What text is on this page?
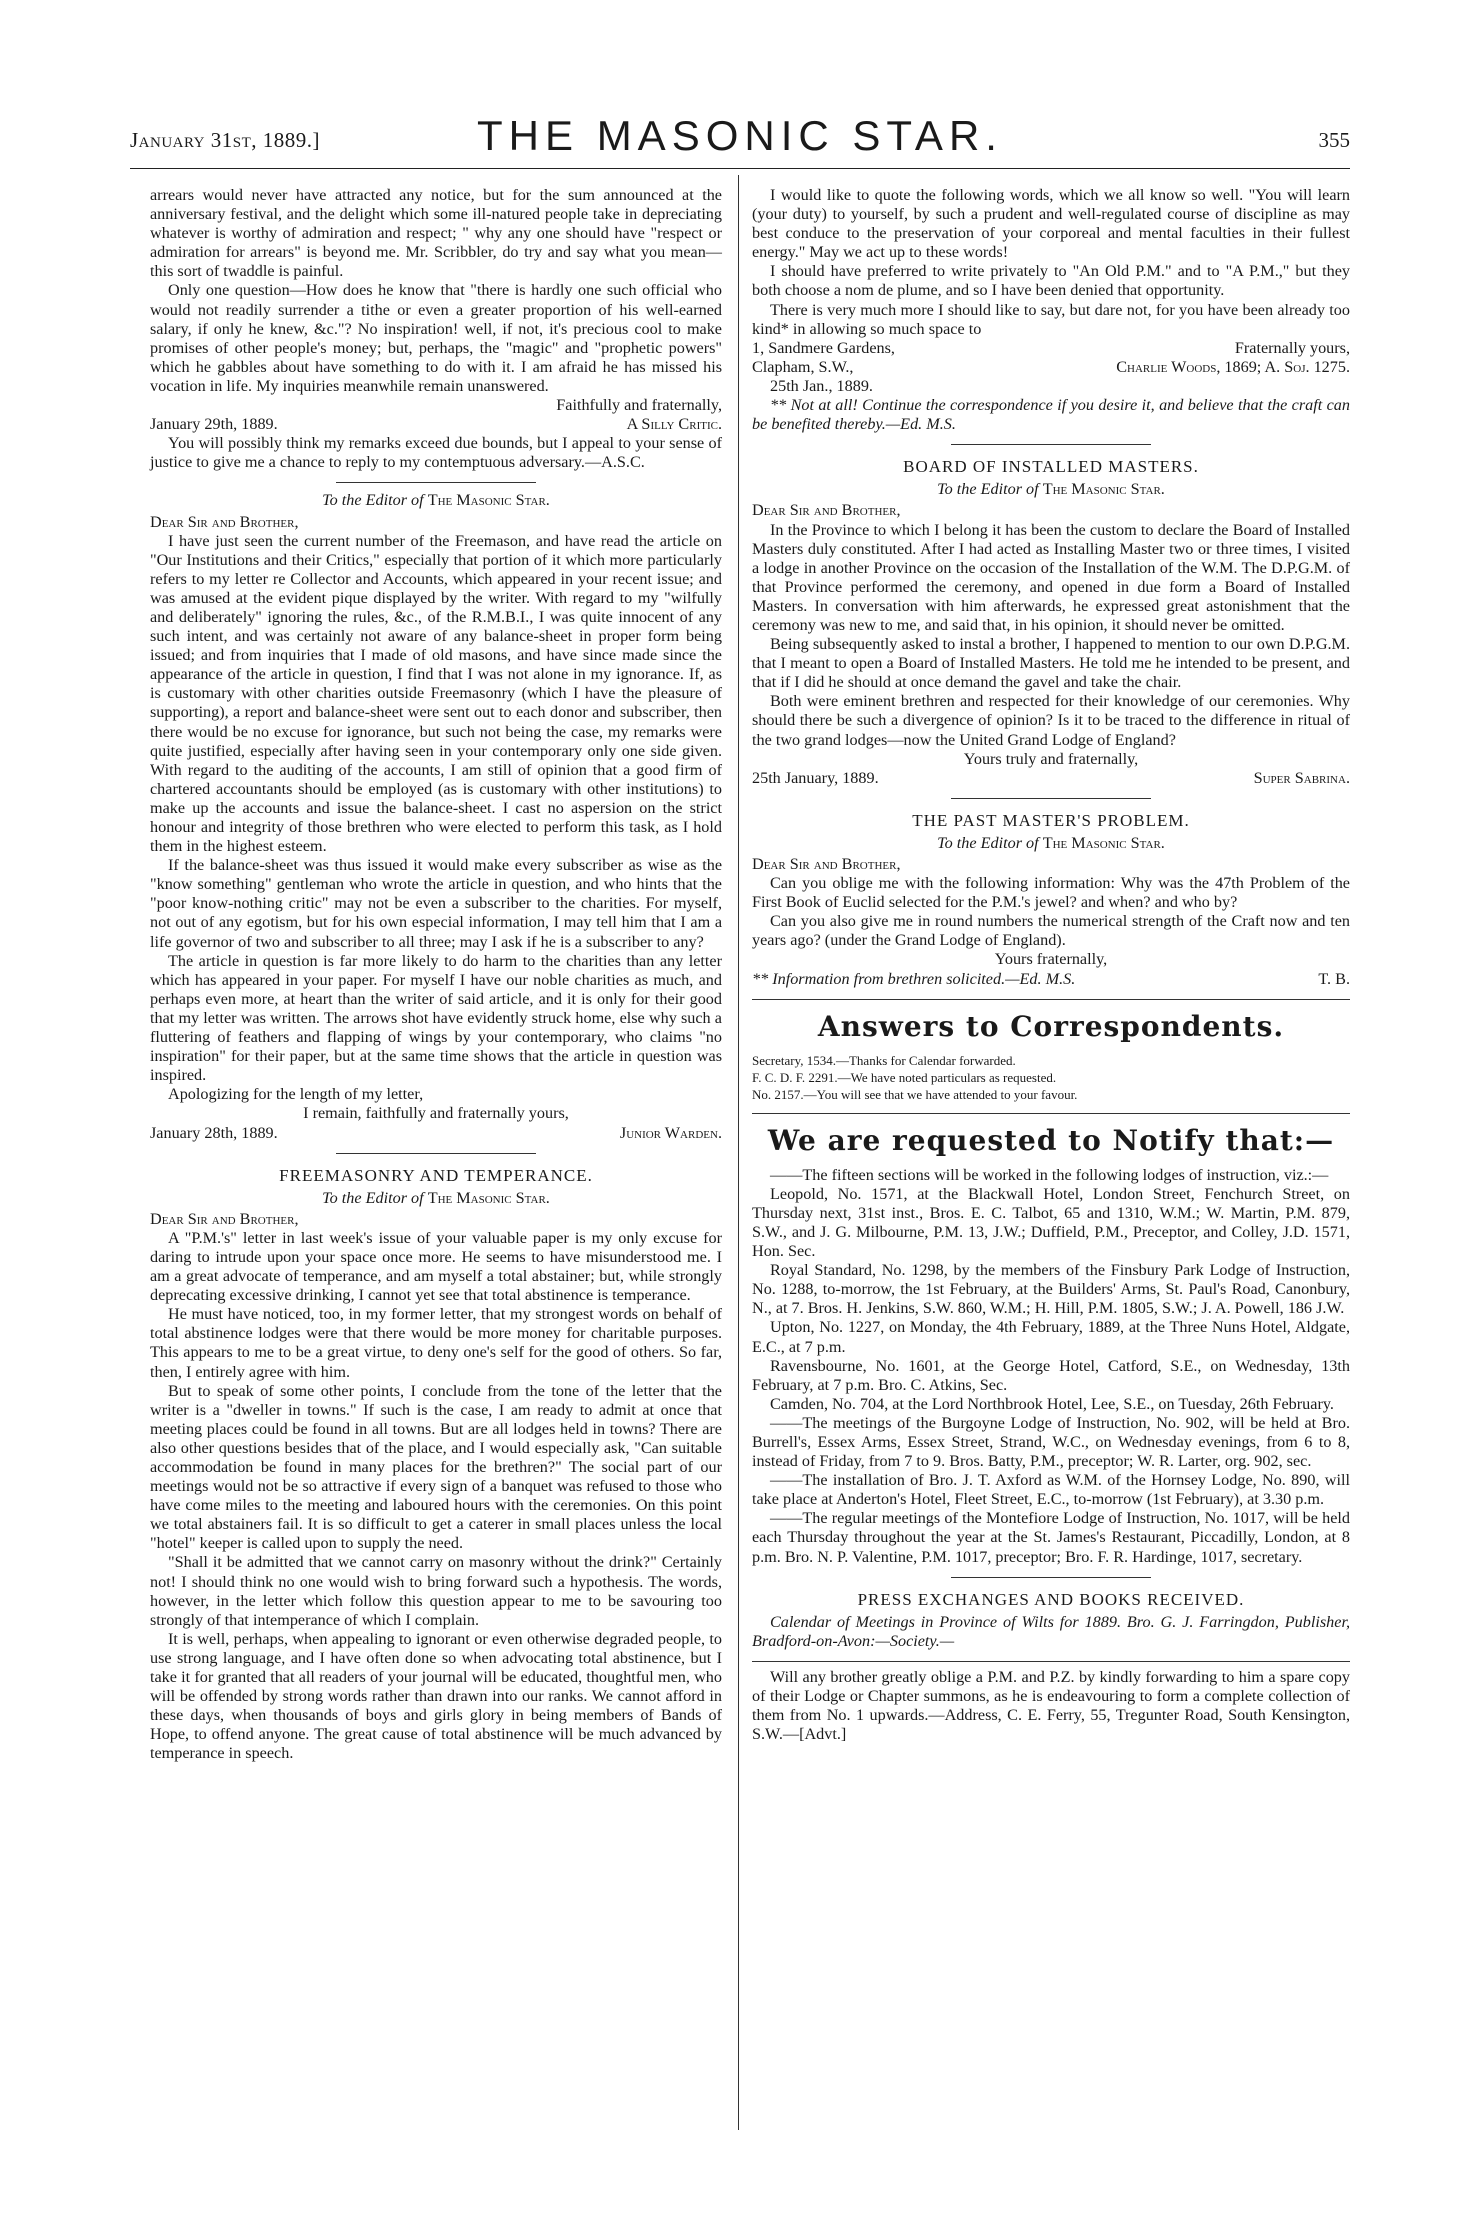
January 31st, 1889.]	THE MASONIC STAR.	355

arrears would never have attracted any notice, but for the sum announced at the anniversary festival, and the delight which some ill-natured people take in depreciating whatever is worthy of admiration and respect; " why any one should have "respect or admiration for arrears" is beyond me. Mr. Scribbler, do try and say what you mean—this sort of twaddle is painful.

Only one question—How does he know that "there is hardly one such official who would not readily surrender a tithe or even a greater proportion of his well-earned salary, if only he knew, &c."? No inspiration! well, if not, it's precious cool to make promises of other people's money; but, perhaps, the "magic" and "prophetic powers" which he gabbles about have something to do with it. I am afraid he has missed his vocation in life. My inquiries meanwhile remain unanswered.

Faithfully and fraternally,

January 29th, 1889.	A Silly Critic.

You will possibly think my remarks exceed due bounds, but I appeal to your sense of justice to give me a chance to reply to my contemptuous adversary.—A.S.C.

To the Editor of The Masonic Star.

Dear Sir and Brother,

I have just seen the current number of the Freemason, and have read the article on "Our Institutions and their Critics," especially that portion of it which more particularly refers to my letter re Collector and Accounts, which appeared in your recent issue; and was amused at the evident pique displayed by the writer. With regard to my "wilfully and deliberately" ignoring the rules, &c., of the R.M.B.I., I was quite innocent of any such intent, and was certainly not aware of any balance-sheet in proper form being issued; and from inquiries that I made of old masons, and have since made since the appearance of the article in question, I find that I was not alone in my ignorance. If, as is customary with other charities outside Freemasonry (which I have the pleasure of supporting), a report and balance-sheet were sent out to each donor and subscriber, then there would be no excuse for ignorance, but such not being the case, my remarks were quite justified, especially after having seen in your contemporary only one side given. With regard to the auditing of the accounts, I am still of opinion that a good firm of chartered accountants should be employed (as is customary with other institutions) to make up the accounts and issue the balance-sheet. I cast no aspersion on the strict honour and integrity of those brethren who were elected to perform this task, as I hold them in the highest esteem.

If the balance-sheet was thus issued it would make every subscriber as wise as the "know something" gentleman who wrote the article in question, and who hints that the "poor know-nothing critic" may not be even a subscriber to the charities. For myself, not out of any egotism, but for his own especial information, I may tell him that I am a life governor of two and subscriber to all three; may I ask if he is a subscriber to any?

The article in question is far more likely to do harm to the charities than any letter which has appeared in your paper. For myself I have our noble charities as much, and perhaps even more, at heart than the writer of said article, and it is only for their good that my letter was written. The arrows shot have evidently struck home, else why such a fluttering of feathers and flapping of wings by your contemporary, who claims "no inspiration" for their paper, but at the same time shows that the article in question was inspired.

Apologizing for the length of my letter,

I remain, faithfully and fraternally yours,

January 28th, 1889.	Junior Warden.

FREEMASONRY AND TEMPERANCE.

To the Editor of The Masonic Star.

Dear Sir and Brother,

A "P.M.'s" letter in last week's issue of your valuable paper is my only excuse for daring to intrude upon your space once more. He seems to have misunderstood me. I am a great advocate of temperance, and am myself a total abstainer; but, while strongly deprecating excessive drinking, I cannot yet see that total abstinence is temperance.

He must have noticed, too, in my former letter, that my strongest words on behalf of total abstinence lodges were that there would be more money for charitable purposes. This appears to me to be a great virtue, to deny one's self for the good of others. So far, then, I entirely agree with him.

But to speak of some other points, I conclude from the tone of the letter that the writer is a "dweller in towns." If such is the case, I am ready to admit at once that meeting places could be found in all towns. But are all lodges held in towns? There are also other questions besides that of the place, and I would especially ask, "Can suitable accommodation be found in many places for the brethren?" The social part of our meetings would not be so attractive if every sign of a banquet was refused to those who have come miles to the meeting and laboured hours with the ceremonies. On this point we total abstainers fail. It is so difficult to get a caterer in small places unless the local "hotel" keeper is called upon to supply the need.

"Shall it be admitted that we cannot carry on masonry without the drink?" Certainly not! I should think no one would wish to bring forward such a hypothesis. The words, however, in the letter which follow this question appear to me to be savouring too strongly of that intemperance of which I complain.

It is well, perhaps, when appealing to ignorant or even otherwise degraded people, to use strong language, and I have often done so when advocating total abstinence, but I take it for granted that all readers of your journal will be educated, thoughtful men, who will be offended by strong words rather than drawn into our ranks. We cannot afford in these days, when thousands of boys and girls glory in being members of Bands of Hope, to offend anyone. The great cause of total abstinence will be much advanced by temperance in speech.

I would like to quote the following words, which we all know so well. "You will learn (your duty) to yourself, by such a prudent and well-regulated course of discipline as may best conduce to the preservation of your corporeal and mental faculties in their fullest energy." May we act up to these words!

I should have preferred to write privately to "An Old P.M." and to "A P.M.," but they both choose a nom de plume, and so I have been denied that opportunity.

There is very much more I should like to say, but dare not, for you have been already too kind* in allowing so much space to

1, Sandmere Gardens,	Fraternally yours,
Clapham, S.W.,	Charlie Woods, 1869; A. Soj. 1275.

25th Jan., 1889.

** Not at all! Continue the correspondence if you desire it, and believe that the craft can be benefited thereby.—Ed. M.S.

BOARD OF INSTALLED MASTERS.

To the Editor of The Masonic Star.

Dear Sir and Brother,

In the Province to which I belong it has been the custom to declare the Board of Installed Masters duly constituted. After I had acted as Installing Master two or three times, I visited a lodge in another Province on the occasion of the Installation of the W.M. The D.P.G.M. of that Province performed the ceremony, and opened in due form a Board of Installed Masters. In conversation with him afterwards, he expressed great astonishment that the ceremony was new to me, and said that, in his opinion, it should never be omitted.

Being subsequently asked to instal a brother, I happened to mention to our own D.P.G.M. that I meant to open a Board of Installed Masters. He told me he intended to be present, and that if I did he should at once demand the gavel and take the chair.

Both were eminent brethren and respected for their knowledge of our ceremonies. Why should there be such a divergence of opinion? Is it to be traced to the difference in ritual of the two grand lodges—now the United Grand Lodge of England?

Yours truly and fraternally,

25th January, 1889.	Super Sabrina.

THE PAST MASTER'S PROBLEM.

To the Editor of The Masonic Star.

Dear Sir and Brother,

Can you oblige me with the following information: Why was the 47th Problem of the First Book of Euclid selected for the P.M.'s jewel? and when? and who by?

Can you also give me in round numbers the numerical strength of the Craft now and ten years ago? (under the Grand Lodge of England).

Yours fraternally,

** Information from brethren solicited.—Ed. M.S.	T. B.

Answers to Correspondents.

Secretary, 1534.—Thanks for Calendar forwarded.

F. C. D. F. 2291.—We have noted particulars as requested.

No. 2157.—You will see that we have attended to your favour.

We are requested to Notify that:—

——The fifteen sections will be worked in the following lodges of instruction, viz.:—

Leopold, No. 1571, at the Blackwall Hotel, London Street, Fenchurch Street, on Thursday next, 31st inst., Bros. E. C. Talbot, 65 and 1310, W.M.; W. Martin, P.M. 879, S.W., and J. G. Milbourne, P.M. 13, J.W.; Duffield, P.M., Preceptor, and Colley, J.D. 1571, Hon. Sec.

Royal Standard, No. 1298, by the members of the Finsbury Park Lodge of Instruction, No. 1288, to-morrow, the 1st February, at the Builders' Arms, St. Paul's Road, Canonbury, N., at 7. Bros. H. Jenkins, S.W. 860, W.M.; H. Hill, P.M. 1805, S.W.; J. A. Powell, 186 J.W.

Upton, No. 1227, on Monday, the 4th February, 1889, at the Three Nuns Hotel, Aldgate, E.C., at 7 p.m.

Ravensbourne, No. 1601, at the George Hotel, Catford, S.E., on Wednesday, 13th February, at 7 p.m. Bro. C. Atkins, Sec.

Camden, No. 704, at the Lord Northbrook Hotel, Lee, S.E., on Tuesday, 26th February.

——The meetings of the Burgoyne Lodge of Instruction, No. 902, will be held at Bro. Burrell's, Essex Arms, Essex Street, Strand, W.C., on Wednesday evenings, from 6 to 8, instead of Friday, from 7 to 9. Bros. Batty, P.M., preceptor; W. R. Larter, org. 902, sec.

——The installation of Bro. J. T. Axford as W.M. of the Hornsey Lodge, No. 890, will take place at Anderton's Hotel, Fleet Street, E.C., to-morrow (1st February), at 3.30 p.m.

——The regular meetings of the Montefiore Lodge of Instruction, No. 1017, will be held each Thursday throughout the year at the St. James's Restaurant, Piccadilly, London, at 8 p.m. Bro. N. P. Valentine, P.M. 1017, preceptor; Bro. F. R. Hardinge, 1017, secretary.

PRESS EXCHANGES AND BOOKS RECEIVED.

Calendar of Meetings in Province of Wilts for 1889. Bro. G. J. Farringdon, Publisher, Bradford-on-Avon:—Society.—

Will any brother greatly oblige a P.M. and P.Z. by kindly forwarding to him a spare copy of their Lodge or Chapter summons, as he is endeavouring to form a complete collection of them from No. 1 upwards.—Address, C. E. Ferry, 55, Tregunter Road, South Kensington, S.W.—[Advt.]
